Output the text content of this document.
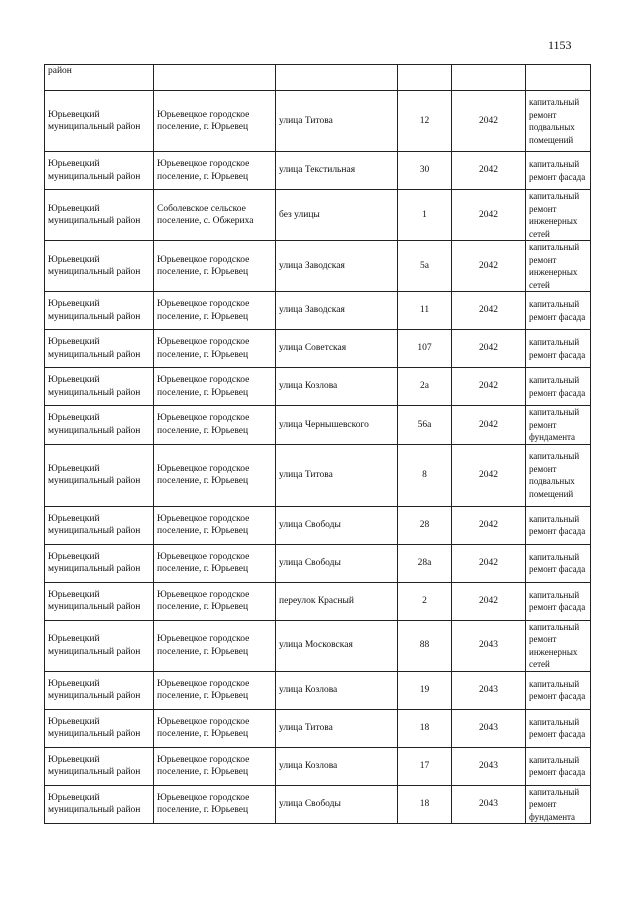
1153
район					
Юрьевецкий муниципальный район	Юрьевецкое городское поселение, г. Юрьевец	улица Титова	12	2042	капитальный ремонт подвальных помещений
Юрьевецкий муниципальный район	Юрьевецкое городское поселение, г. Юрьевец	улица Текстильная	30	2042	капитальный ремонт фасада
Юрьевецкий муниципальный район	Соболевское сельское поселение, с. Обжериха	без улицы	1	2042	капитальный ремонт инженерных сетей
Юрьевецкий муниципальный район	Юрьевецкое городское поселение, г. Юрьевец	улица Заводская	5а	2042	капитальный ремонт инженерных сетей
Юрьевецкий муниципальный район	Юрьевецкое городское поселение, г. Юрьевец	улица Заводская	11	2042	капитальный ремонт фасада
Юрьевецкий муниципальный район	Юрьевецкое городское поселение, г. Юрьевец	улица Советская	107	2042	капитальный ремонт фасада
Юрьевецкий муниципальный район	Юрьевецкое городское поселение, г. Юрьевец	улица Козлова	2а	2042	капитальный ремонт фасада
Юрьевецкий муниципальный район	Юрьевецкое городское поселение, г. Юрьевец	улица Чернышевского	56а	2042	капитальный ремонт фундамента
Юрьевецкий муниципальный район	Юрьевецкое городское поселение, г. Юрьевец	улица Титова	8	2042	капитальный ремонт подвальных помещений
Юрьевецкий муниципальный район	Юрьевецкое городское поселение, г. Юрьевец	улица Свободы	28	2042	капитальный ремонт фасада
Юрьевецкий муниципальный район	Юрьевецкое городское поселение, г. Юрьевец	улица Свободы	28а	2042	капитальный ремонт фасада
Юрьевецкий муниципальный район	Юрьевецкое городское поселение, г. Юрьевец	переулок Красный	2	2042	капитальный ремонт фасада
Юрьевецкий муниципальный район	Юрьевецкое городское поселение, г. Юрьевец	улица Московская	88	2043	капитальный ремонт инженерных сетей
Юрьевецкий муниципальный район	Юрьевецкое городское поселение, г. Юрьевец	улица Козлова	19	2043	капитальный ремонт фасада
Юрьевецкий муниципальный район	Юрьевецкое городское поселение, г. Юрьевец	улица Титова	18	2043	капитальный ремонт фасада
Юрьевецкий муниципальный район	Юрьевецкое городское поселение, г. Юрьевец	улица Козлова	17	2043	капитальный ремонт фасада
Юрьевецкий муниципальный район	Юрьевецкое городское поселение, г. Юрьевец	улица Свободы	18	2043	капитальный ремонт фундамента
